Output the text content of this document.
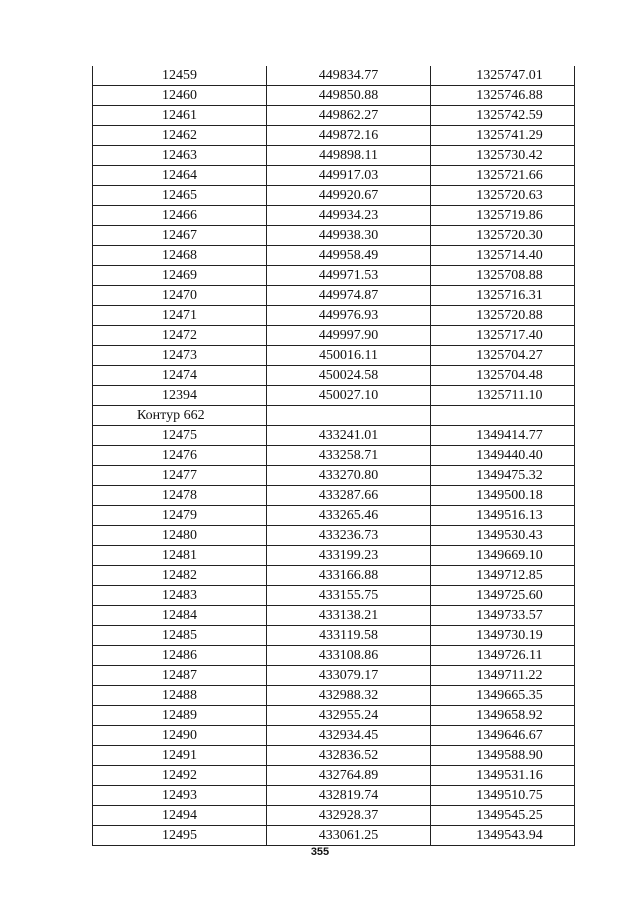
12459	449834.77	1325747.01
12460	449850.88	1325746.88
12461	449862.27	1325742.59
12462	449872.16	1325741.29
12463	449898.11	1325730.42
12464	449917.03	1325721.66
12465	449920.67	1325720.63
12466	449934.23	1325719.86
12467	449938.30	1325720.30
12468	449958.49	1325714.40
12469	449971.53	1325708.88
12470	449974.87	1325716.31
12471	449976.93	1325720.88
12472	449997.90	1325717.40
12473	450016.11	1325704.27
12474	450024.58	1325704.48
12394	450027.10	1325711.10
Контур 662		
12475	433241.01	1349414.77
12476	433258.71	1349440.40
12477	433270.80	1349475.32
12478	433287.66	1349500.18
12479	433265.46	1349516.13
12480	433236.73	1349530.43
12481	433199.23	1349669.10
12482	433166.88	1349712.85
12483	433155.75	1349725.60
12484	433138.21	1349733.57
12485	433119.58	1349730.19
12486	433108.86	1349726.11
12487	433079.17	1349711.22
12488	432988.32	1349665.35
12489	432955.24	1349658.92
12490	432934.45	1349646.67
12491	432836.52	1349588.90
12492	432764.89	1349531.16
12493	432819.74	1349510.75
12494	432928.37	1349545.25
12495	433061.25	1349543.94
355
